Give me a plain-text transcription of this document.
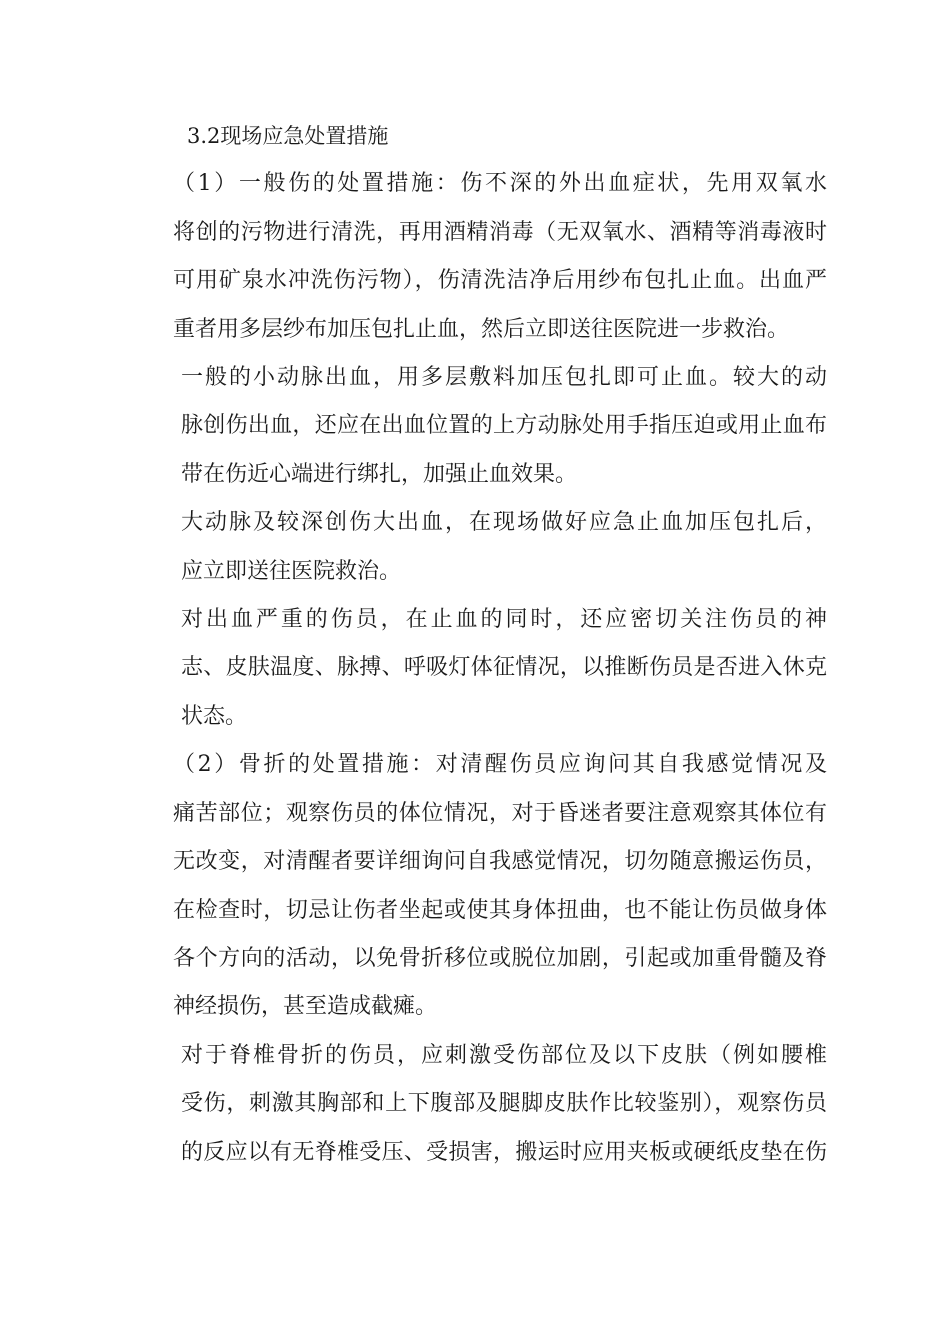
3.2现场应急处置措施

（1）一般伤的处置措施：伤不深的外出血症状，先用双氧水
将创的污物进行清洗，再用酒精消毒（无双氧水、酒精等消毒液时
可用矿泉水冲洗伤污物），伤清洗洁净后用纱布包扎止血。出血严
重者用多层纱布加压包扎止血，然后立即送往医院进一步救治。

一般的小动脉出血，用多层敷料加压包扎即可止血。较大的动
脉创伤出血，还应在出血位置的上方动脉处用手指压迫或用止血布
带在伤近心端进行绑扎，加强止血效果。

大动脉及较深创伤大出血，在现场做好应急止血加压包扎后，
应立即送往医院救治。

对出血严重的伤员，在止血的同时，还应密切关注伤员的神
志、皮肤温度、脉搏、呼吸灯体征情况，以推断伤员是否进入休克
状态。

（2）骨折的处置措施：对清醒伤员应询问其自我感觉情况及
痛苦部位；观察伤员的体位情况，对于昏迷者要注意观察其体位有
无改变，对清醒者要详细询问自我感觉情况，切勿随意搬运伤员，
在检查时，切忌让伤者坐起或使其身体扭曲，也不能让伤员做身体
各个方向的活动，以免骨折移位或脱位加剧，引起或加重骨髓及脊
神经损伤，甚至造成截瘫。

对于脊椎骨折的伤员，应刺激受伤部位及以下皮肤（例如腰椎
受伤，刺激其胸部和上下腹部及腿脚皮肤作比较鉴别），观察伤员
的反应以有无脊椎受压、受损害，搬运时应用夹板或硬纸皮垫在伤
